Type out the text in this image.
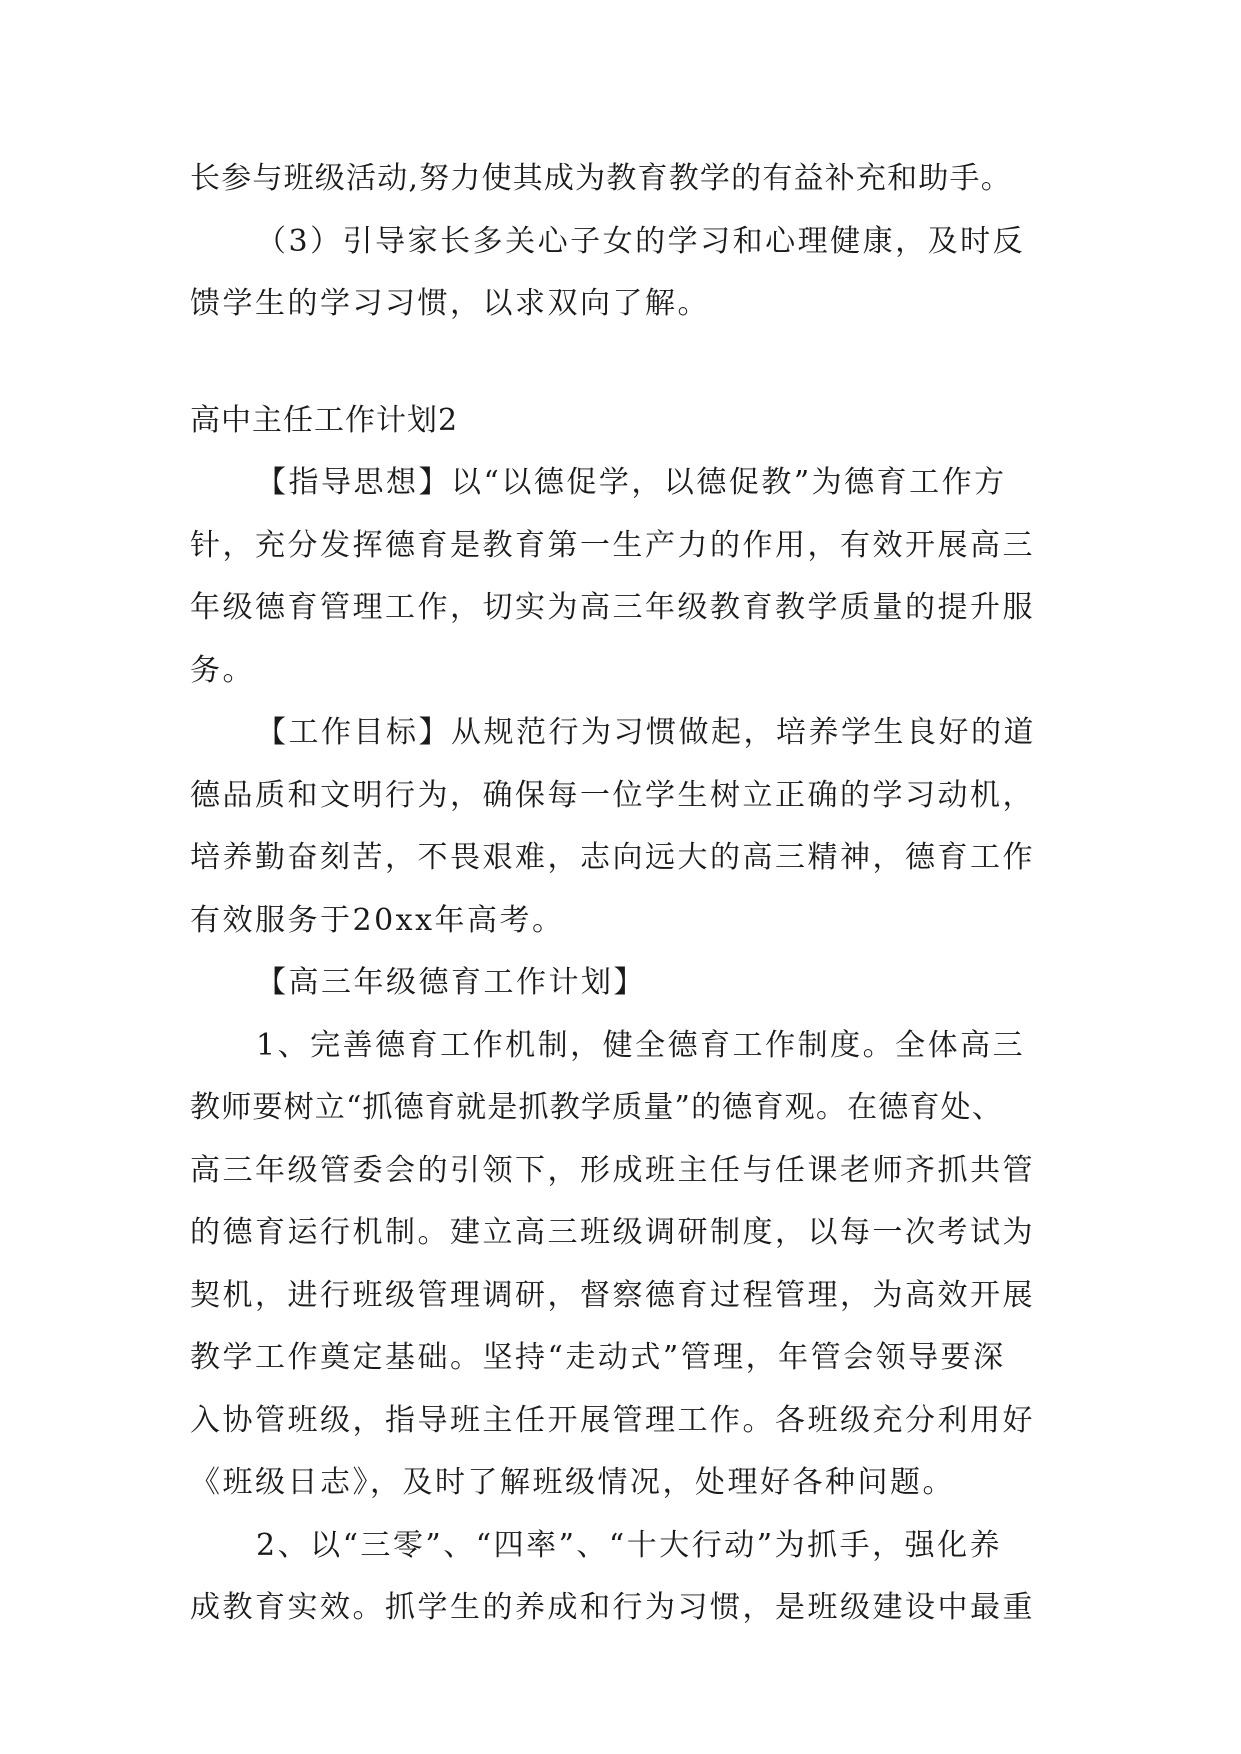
长参与班级活动,努力使其成为教育教学的有益补充和助手。
（3）引导家长多关心子女的学习和心理健康，及时反
馈学生的学习习惯，以求双向了解。
高中主任工作计划2
【指导思想】以“以德促学，以德促教”为德育工作方
针，充分发挥德育是教育第一生产力的作用，有效开展高三
年级德育管理工作，切实为高三年级教育教学质量的提升服
务。
【工作目标】从规范行为习惯做起，培养学生良好的道
德品质和文明行为，确保每一位学生树立正确的学习动机，
培养勤奋刻苦，不畏艰难，志向远大的高三精神，德育工作
有效服务于20xx年高考。
【高三年级德育工作计划】
1、完善德育工作机制，健全德育工作制度。全体高三
教师要树立“抓德育就是抓教学质量”的德育观。在德育处、
高三年级管委会的引领下，形成班主任与任课老师齐抓共管
的德育运行机制。建立高三班级调研制度，以每一次考试为
契机，进行班级管理调研，督察德育过程管理，为高效开展
教学工作奠定基础。坚持“走动式”管理，年管会领导要深
入协管班级，指导班主任开展管理工作。各班级充分利用好
《班级日志》，及时了解班级情况，处理好各种问题。
2、以“三零”、“四率”、“十大行动”为抓手，强化养
成教育实效。抓学生的养成和行为习惯，是班级建设中最重
